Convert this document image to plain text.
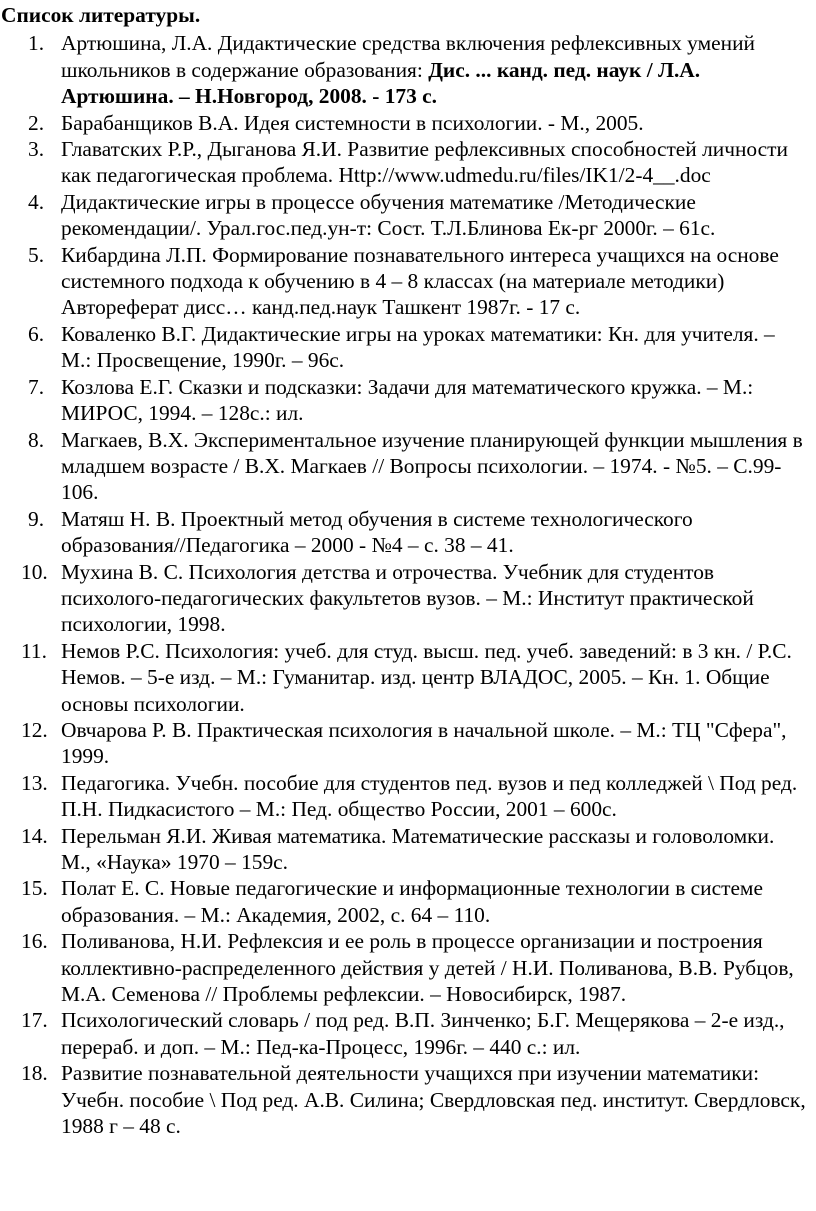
Список литературы.
1. Артюшина, Л.А. Дидактические средства включения рефлексивных умений школьников в содержание образования: Дис. ... канд. пед. наук / Л.А. Артюшина. – Н.Новгород, 2008. - 173 с.
2. Барабанщиков В.А. Идея системности в психологии. - М., 2005.
3. Главатских Р.Р., Дыганова Я.И. Развитие рефлексивных способностей личности как педагогическая проблема. Http://www.udmedu.ru/files/IK1/2-4__.doc
4. Дидактические игры в процессе обучения математике /Методические рекомендации/. Урал.гос.пед.ун-т: Сост. Т.Л.Блинова Ек-рг 2000г. – 61с.
5. Кибардина Л.П. Формирование познавательного интереса учащихся на основе системного подхода к обучению в 4 – 8 классах (на материале методики) Автореферат дисс… канд.пед.наук Ташкент 1987г. - 17 с.
6. Коваленко В.Г. Дидактические игры на уроках математики: Кн. для учителя. – М.: Просвещение, 1990г. – 96с.
7. Козлова Е.Г. Сказки и подсказки: Задачи для математического кружка. – М.: МИРОС, 1994. – 128с.: ил.
8. Магкаев, В.Х. Экспериментальное изучение планирующей функции мышления в младшем возрасте / В.Х. Магкаев // Вопросы психологии. – 1974. - №5. – С.99-106.
9. Матяш Н. В. Проектный метод обучения в системе технологического образования//Педагогика – 2000 - №4 – с. 38 – 41.
10. Мухина В. С. Психология детства и отрочества. Учебник для студентов психолого-педагогических факультетов вузов. – М.: Институт практической психологии, 1998.
11. Немов Р.С. Психология: учеб. для студ. высш. пед. учеб. заведений: в 3 кн. / Р.С. Немов. – 5-е изд. – М.: Гуманитар. изд. центр ВЛАДОС, 2005. – Кн. 1. Общие основы психологии.
12. Овчарова Р. В. Практическая психология в начальной школе. – М.: ТЦ "Сфера", 1999.
13. Педагогика. Учебн. пособие для студентов пед. вузов и пед колледжей \ Под ред. П.Н. Пидкасистого – М.: Пед. общество России, 2001 – 600с.
14. Перельман Я.И. Живая математика. Математические рассказы и головоломки. М., «Наука» 1970 – 159с.
15. Полат Е. С. Новые педагогические и информационные технологии в системе образования. – М.: Академия, 2002, с. 64 – 110.
16. Поливанова, Н.И. Рефлексия и ее роль в процессе организации и построения коллективно-распределенного действия у детей / Н.И. Поливанова, В.В. Рубцов, М.А. Семенова // Проблемы рефлексии. – Новосибирск, 1987.
17. Психологический словарь / под ред. В.П. Зинченко; Б.Г. Мещерякова – 2-е изд., перераб. и доп. – М.: Пед-ка-Процесс, 1996г. – 440 с.: ил.
18. Развитие познавательной деятельности учащихся при изучении математики: Учебн. пособие \ Под ред. А.В. Силина; Свердловская пед. институт. Свердловск, 1988 г – 48 с.
